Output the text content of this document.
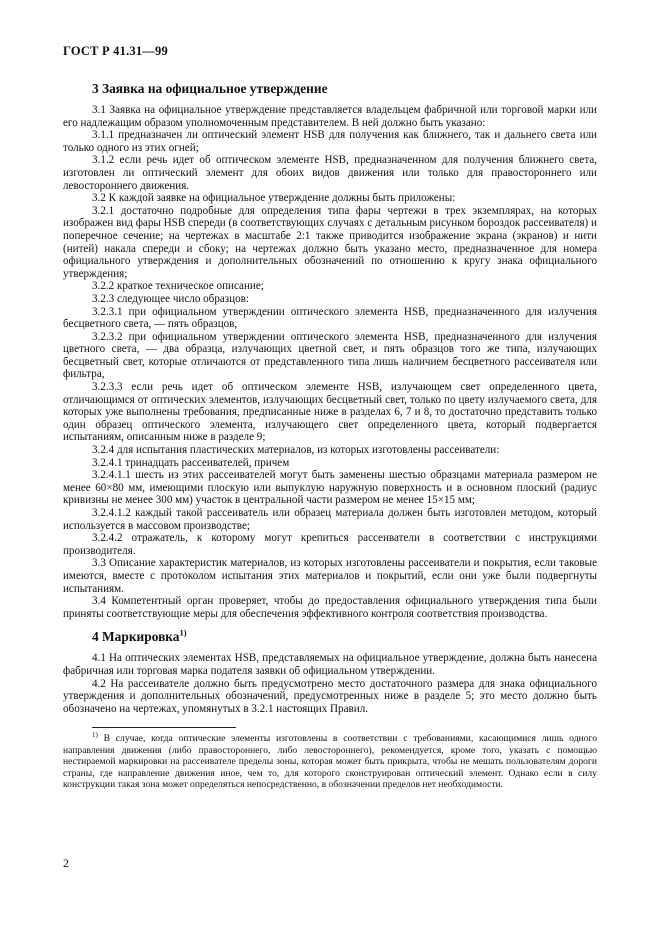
ГОСТ Р 41.31—99
3 Заявка на официальное утверждение

3.1 Заявка на официальное утверждение представляется владельцем фабричной или торговой марки или его надлежащим образом уполномоченным представителем. В ней должно быть указано:

3.1.1 предназначен ли оптический элемент HSB для получения как ближнего, так и дальнего света или только одного из этих огней;

3.1.2 если речь идет об оптическом элементе HSB, предназначенном для получения ближнего света, изготовлен ли оптический элемент для обоих видов движения или только для правостороннего или левостороннего движения.

3.2 К каждой заявке на официальное утверждение должны быть приложены:

3.2.1 достаточно подробные для определения типа фары чертежи в трех экземплярах, на которых изображен вид фары HSB спереди (в соответствующих случаях с детальным рисунком бороздок рассеивателя) и поперечное сечение; на чертежах в масштабе 2:1 также приводится изображение экрана (экранов) и нити (нитей) накала спереди и сбоку; на чертежах должно быть указано место, предназначенное для номера официального утверждения и дополнительных обозначений по отношению к кругу знака официального утверждения;

3.2.2 краткое техническое описание;

3.2.3 следующее число образцов:

3.2.3.1 при официальном утверждении оптического элемента HSB, предназначенного для излучения бесцветного света, — пять образцов,

3.2.3.2 при официальном утверждении оптического элемента HSB, предназначенного для излучения цветного света, — два образца, излучающих цветной свет, и пять образцов того же типа, излучающих бесцветный свет, которые отличаются от представленного типа лишь наличием бесцветного рассеивателя или фильтра,

3.2.3.3 если речь идет об оптическом элементе HSB, излучающем свет определенного цвета, отличающимся от оптических элементов, излучающих бесцветный свет, только по цвету излучаемого света, для которых уже выполнены требования, предписанные ниже в разделах 6, 7 и 8, то достаточно представить только один образец оптического элемента, излучающего свет определенного цвета, который подвергается испытаниям, описанным ниже в разделе 9;

3.2.4 для испытания пластических материалов, из которых изготовлены рассеиватели:

3.2.4.1 тринадцать рассеивателей, причем

3.2.4.1.1 шесть из этих рассеивателей могут быть заменены шестью образцами материала размером не менее 60×80 мм, имеющими плоскую или выпуклую наружную поверхность и в основном плоский (радиус кривизны не менее 300 мм) участок в центральной части размером не менее 15×15 мм;

3.2.4.1.2 каждый такой рассеиватель или образец материала должен быть изготовлен методом, который используется в массовом производстве;

3.2.4.2 отражатель, к которому могут крепиться рассеиватели в соответствии с инструкциями производителя.

3.3 Описание характеристик материалов, из которых изготовлены рассеиватели и покрытия, если таковые имеются, вместе с протоколом испытания этих материалов и покрытий, если они уже были подвергнуты испытаниям.

3.4 Компетентный орган проверяет, чтобы до предоставления официального утверждения типа были приняты соответствующие меры для обеспечения эффективного контроля соответствия производства.

4 Маркировка$^{1)}$

4.1 На оптических элементах HSB, представляемых на официальное утверждение, должна быть нанесена фабричная или торговая марка подателя заявки об официальном утверждении.

4.2 На рассеивателе должно быть предусмотрено место достаточного размера для знака официального утверждения и дополнительных обозначений, предусмотренных ниже в разделе 5; это место должно быть обозначено на чертежах, упомянутых в 3.2.1 настоящих Правил.

$^{1)}$ В случае, когда оптические элементы изготовлены в соответствии с требованиями, касающимися лишь одного направления движения (либо правостороннего, либо левостороннего), рекомендуется, кроме того, указать с помощью нестираемой маркировки на рассеивателе пределы зоны, которая может быть прикрыта, чтобы не мешать пользователям дороги страны, где направление движения иное, чем то, для которого сконструирован оптический элемент. Однако если в силу конструкции такая зона может определяться непосредственно, в обозначении пределов нет необходимости.

2
